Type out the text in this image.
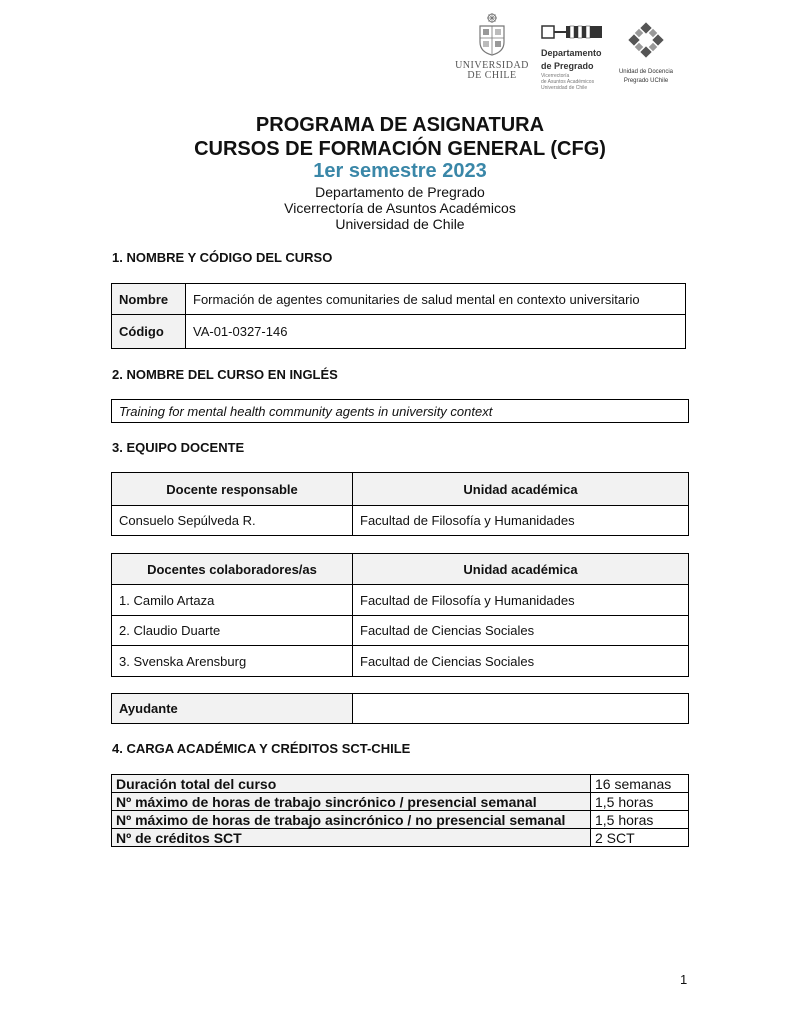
UNIVERSIDAD
DE CHILE
Departamento
de Pregrado
Vicerrectoría
de Asuntos Académicos
Universidad de Chile
Unidad de Docencia
Pregrado UChile
PROGRAMA DE ASIGNATURA
CURSOS DE FORMACIÓN GENERAL (CFG)
1er semestre 2023
Departamento de Pregrado
Vicerrectoría de Asuntos Académicos
Universidad de Chile
1. NOMBRE Y CÓDIGO DEL CURSO
Nombre	Formación de agentes comunitaries de salud mental en contexto universitario
Código	VA-01-0327-146
2. NOMBRE DEL CURSO EN INGLÉS
Training for mental health community agents in university context
3. EQUIPO DOCENTE
Docente responsable	Unidad académica
Consuelo Sepúlveda R.	Facultad de Filosofía y Humanidades
Docentes colaboradores/as	Unidad académica
1. Camilo Artaza	Facultad de Filosofía y Humanidades
2. Claudio Duarte	Facultad de Ciencias Sociales
3. Svenska Arensburg	Facultad de Ciencias Sociales
Ayudante	
4. CARGA ACADÉMICA Y CRÉDITOS SCT-CHILE
Duración total del curso	16 semanas
Nº máximo de horas de trabajo sincrónico / presencial semanal	1,5 horas
Nº máximo de horas de trabajo asincrónico / no presencial semanal	1,5 horas
Nº de créditos SCT	2 SCT
1
